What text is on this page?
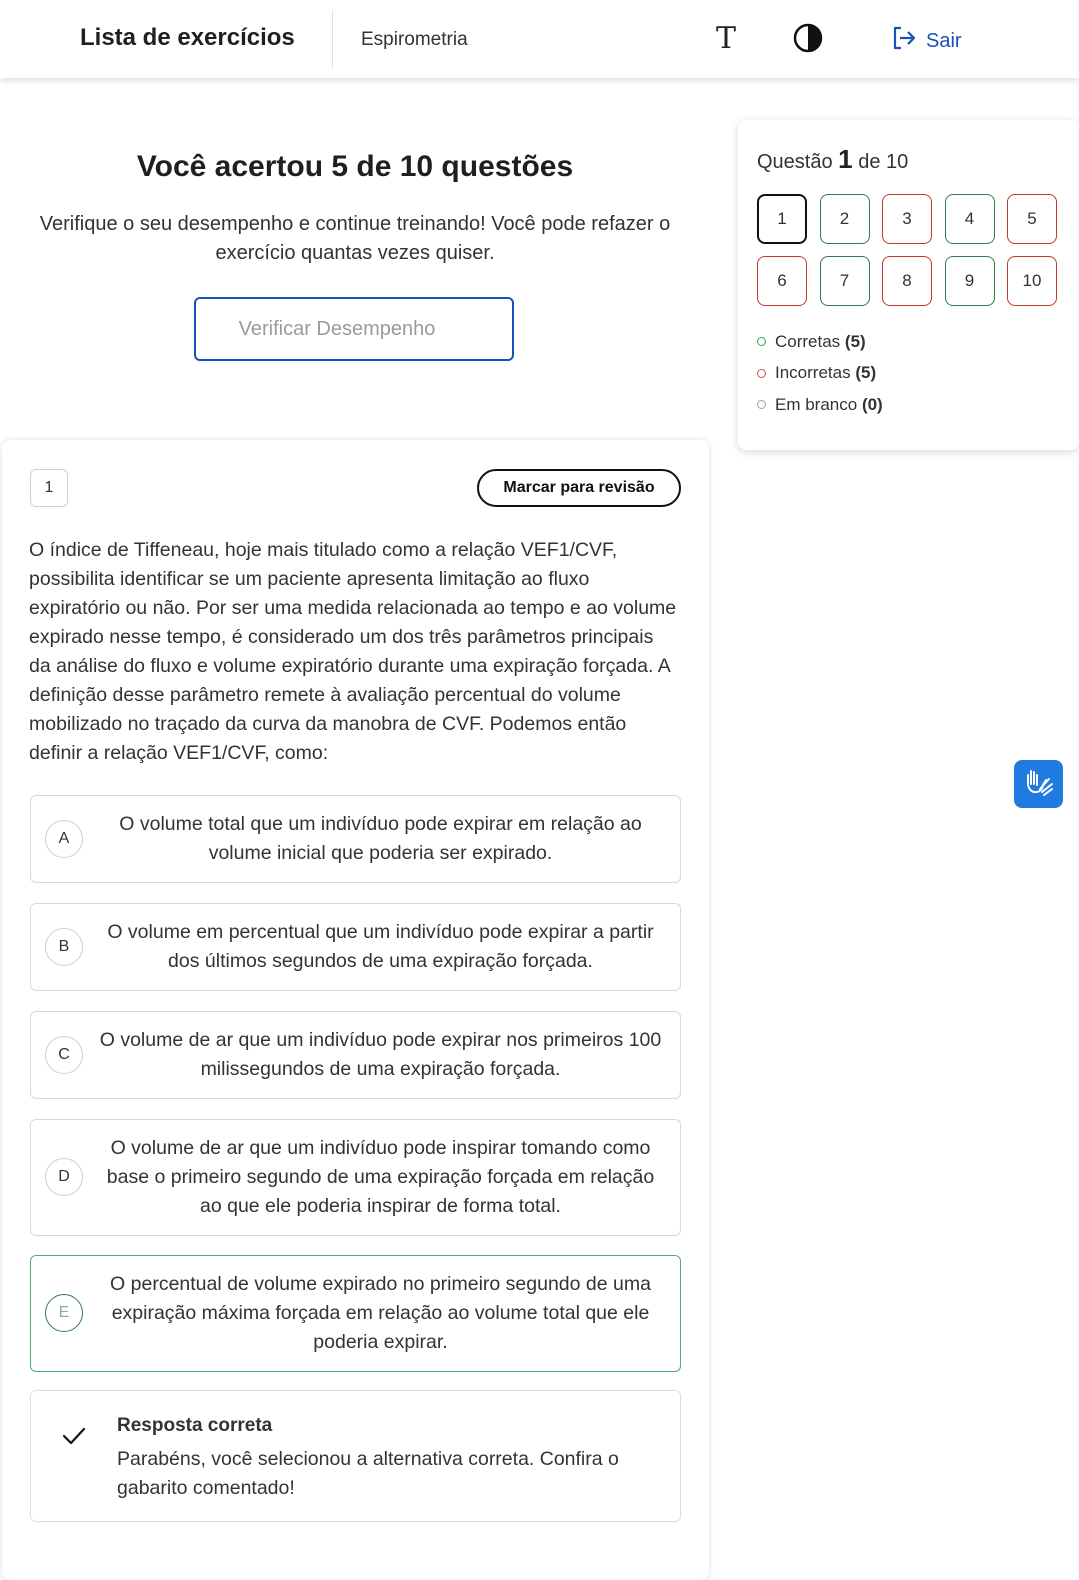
Lista de exercícios	Espirometria	T	Sair
Você acertou 5 de 10 questões
Verifique o seu desempenho e continue treinando! Você pode refazer o exercício quantas vezes quiser.
Verificar Desempenho
Questão 1 de 10
1	2	3	4	5
6	7	8	9	10
Corretas
(5)
Incorretas
(5)
Em branco
(0)
1	Marcar para revisão
O índice de Tiffeneau, hoje mais titulado como a relação VEF1/CVF, possibilita identificar se um paciente apresenta limitação ao fluxo expiratório ou não. Por ser uma medida relacionada ao tempo e ao volume expirado nesse tempo, é considerado um dos três parâmetros principais da análise do fluxo e volume expiratório durante uma expiração forçada. A definição desse parâmetro remete à avaliação percentual do volume mobilizado no traçado da curva da manobra de CVF. Podemos então definir a relação VEF1/CVF, como:
A
O volume total que um indivíduo pode expirar em relação ao volume inicial que poderia ser expirado.
B
O volume em percentual que um indivíduo pode expirar a partir dos últimos segundos de uma expiração forçada.
C
O volume de ar que um indivíduo pode expirar nos primeiros 100 milissegundos de uma expiração forçada.
D
O volume de ar que um indivíduo pode inspirar tomando como base o primeiro segundo de uma expiração forçada em relação ao que ele poderia inspirar de forma total.
E
O percentual de volume expirado no primeiro segundo de uma expiração máxima forçada em relação ao volume total que ele poderia expirar.
Resposta correta
Parabéns, você selecionou a alternativa correta. Confira o gabarito comentado!
